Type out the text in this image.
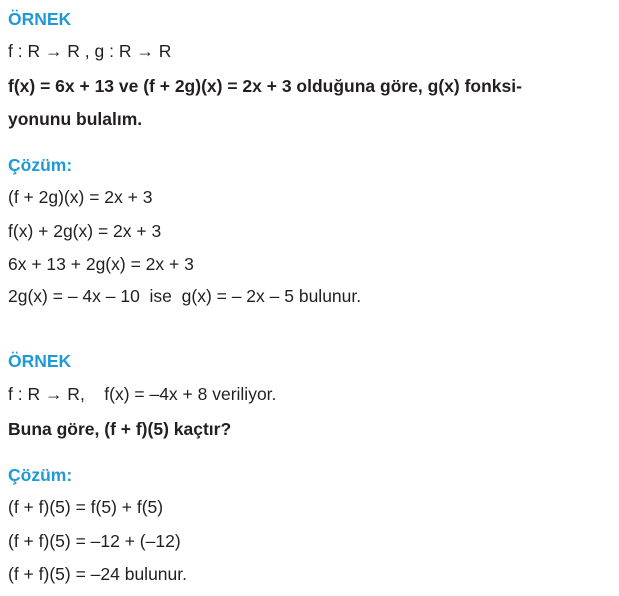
ÖRNEK
f : R → R , g : R → R
f(x) = 6x + 13 ve (f + 2g)(x) = 2x + 3 olduğuna göre, g(x) fonksi-
yonunu bulalım.
Çözüm:
(f + 2g)(x) = 2x + 3
f(x) + 2g(x) = 2x + 3
6x + 13 + 2g(x) = 2x + 3
2g(x) = – 4x – 10  ise  g(x) = – 2x – 5 bulunur.
ÖRNEK
f : R → R,    f(x) = –4x + 8 veriliyor.
Buna göre, (f + f)(5) kaçtır?
Çözüm:
(f + f)(5) = f(5) + f(5)
(f + f)(5) = –12 + (–12)
(f + f)(5) = –24 bulunur.
